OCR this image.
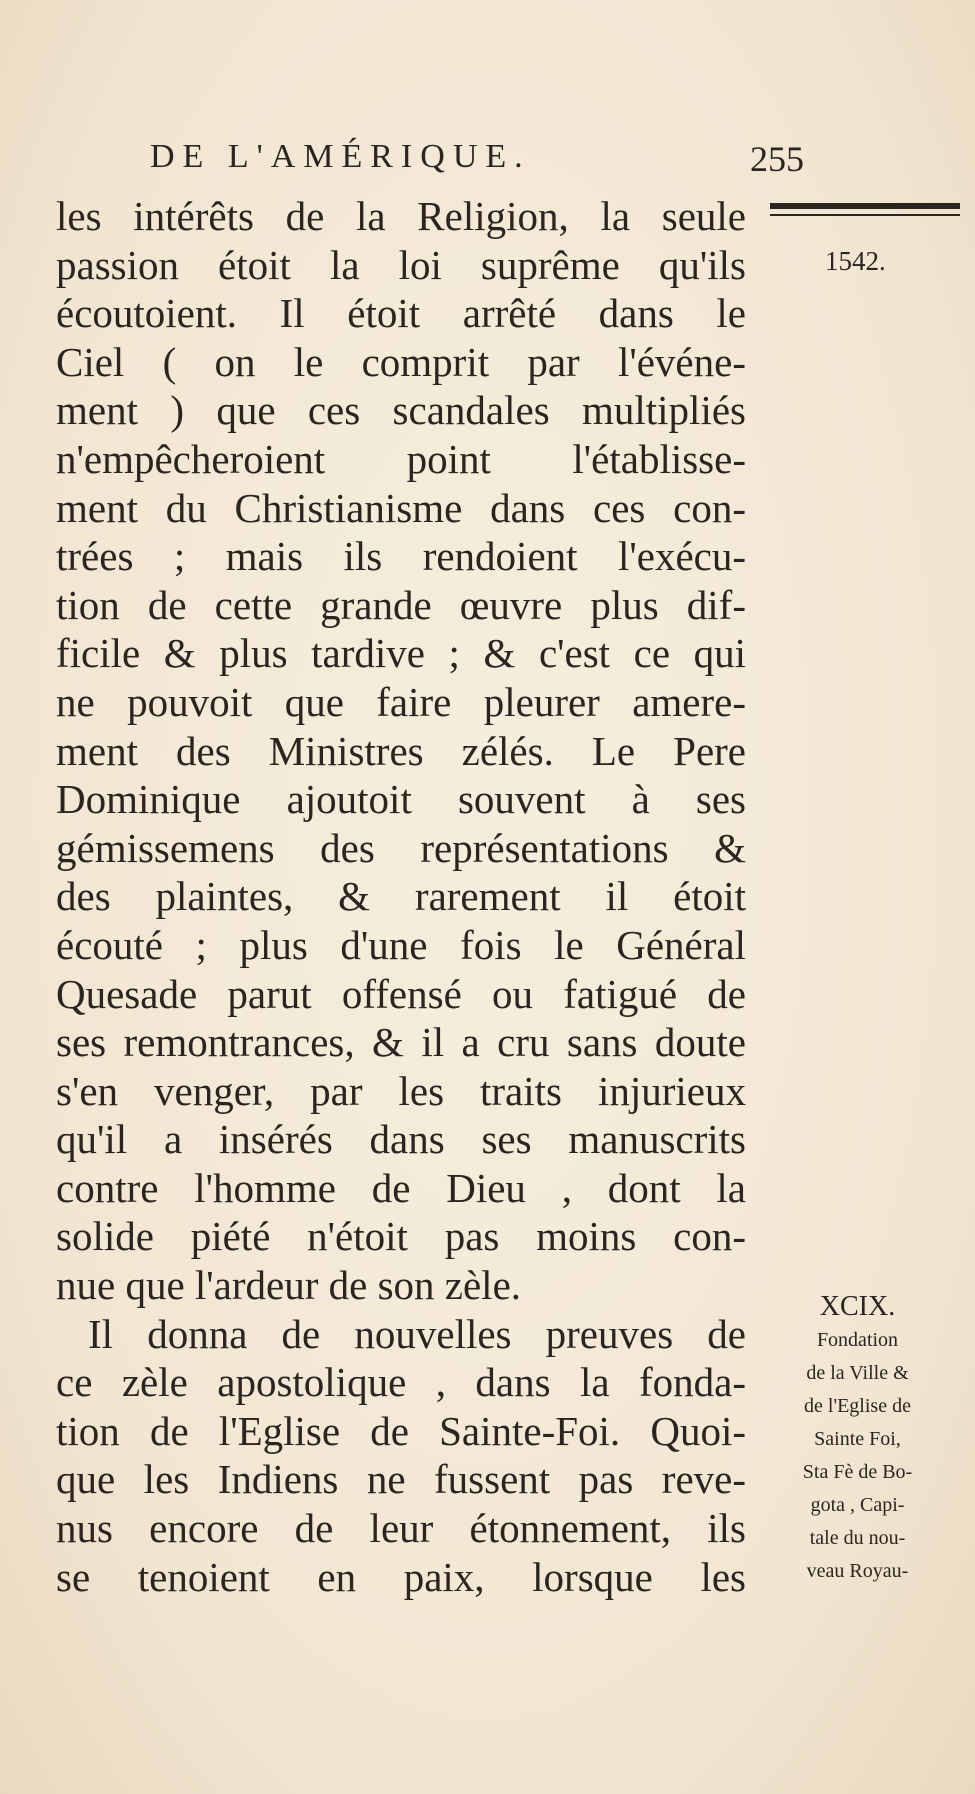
DE L'AMÉRIQUE.	255
1542.
les intérêts de la Religion, la seule
passion étoit la loi suprême qu'ils
écoutoient. Il étoit arrêté dans le
Ciel ( on le comprit par l'événe-
ment ) que ces scandales multipliés
n'empêcheroient point l'établisse-
ment du Christianisme dans ces con-
trées ; mais ils rendoient l'exécu-
tion de cette grande œuvre plus dif-
ficile & plus tardive ; & c'est ce qui
ne pouvoit que faire pleurer amere-
ment des Ministres zélés. Le Pere
Dominique ajoutoit souvent à ses
gémissemens des représentations &
des plaintes, & rarement il étoit
écouté ; plus d'une fois le Général
Quesade parut offensé ou fatigué de
ses remontrances, & il a cru sans doute
s'en venger, par les traits injurieux
qu'il a insérés dans ses manuscrits
contre l'homme de Dieu , dont la
solide piété n'étoit pas moins con-
nue que l'ardeur de son zèle.
Il donna de nouvelles preuves de
ce zèle apostolique , dans la fonda-
tion de l'Eglise de Sainte-Foi. Quoi-
que les Indiens ne fussent pas reve-
nus encore de leur étonnement, ils
se tenoient en paix, lorsque les
XCIX.
Fondation
de la Ville &
de l'Eglise de
Sainte Foi,
Sta Fè de Bo-
gota , Capi-
tale du nou-
veau Royau-
